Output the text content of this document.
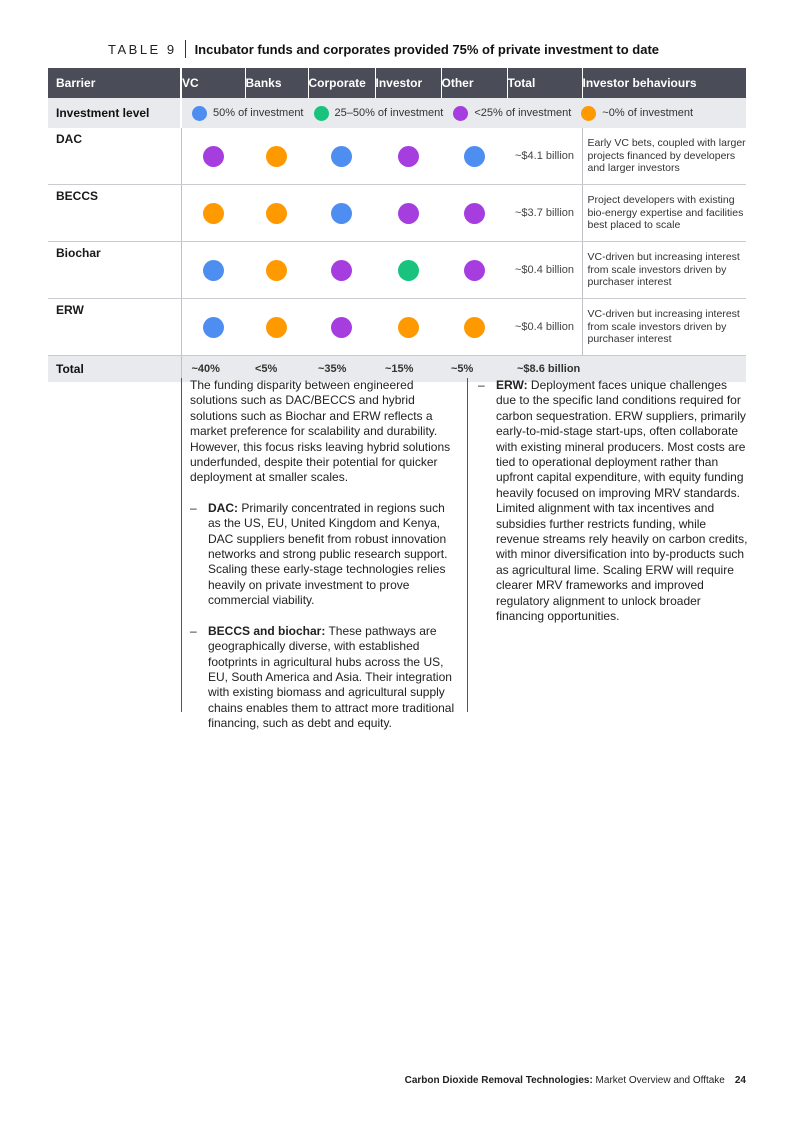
TABLE 9 Incubator funds and corporates provided 75% of private investment to date
Barrier	VC	Banks	Corporate	Investor	Other	Total	Investor behaviours
Investment level	50% of investment 25–50% of investment <25% of investment ~0% of investment						

DAC						~$4.1 billion	Early VC bets, coupled with larger projects financed by developers and larger investors
BECCS						~$3.7 billion	Project developers with existing bio-energy expertise and facilities best placed to scale
Biochar						~$0.4 billion	VC-driven but increasing interest from scale investors driven by purchaser interest
ERW						~$0.4 billion	VC-driven but increasing interest from scale investors driven by purchaser interest
Total	~40%	<5%	~35%	~15%	~5%	~$8.6 billion	

The funding disparity between engineered solutions such as DAC/BECCS and hybrid solutions such as Biochar and ERW reflects a market preference for scalability and durability. However, this focus risks leaving hybrid solutions underfunded, despite their potential for quicker deployment at smaller scales.

– DAC: Primarily concentrated in regions such as the US, EU, United Kingdom and Kenya, DAC suppliers benefit from robust innovation networks and strong public research support. Scaling these early-stage technologies relies heavily on private investment to prove commercial viability.
– BECCS and biochar: These pathways are geographically diverse, with established footprints in agricultural hubs across the US, EU, South America and Asia. Their integration with existing biomass and agricultural supply chains enables them to attract more traditional financing, such as debt and equity.
– ERW: Deployment faces unique challenges due to the specific land conditions required for carbon sequestration. ERW suppliers, primarily early-to-mid-stage start-ups, often collaborate with existing mineral producers. Most costs are tied to operational deployment rather than upfront capital expenditure, with equity funding heavily focused on improving MRV standards. Limited alignment with tax incentives and subsidies further restricts funding, while revenue streams rely heavily on carbon credits, with minor diversification into by-products such as agricultural lime. Scaling ERW will require clearer MRV frameworks and improved regulatory alignment to unlock broader financing opportunities.
Carbon Dioxide Removal Technologies: Market Overview and Offtake 24
